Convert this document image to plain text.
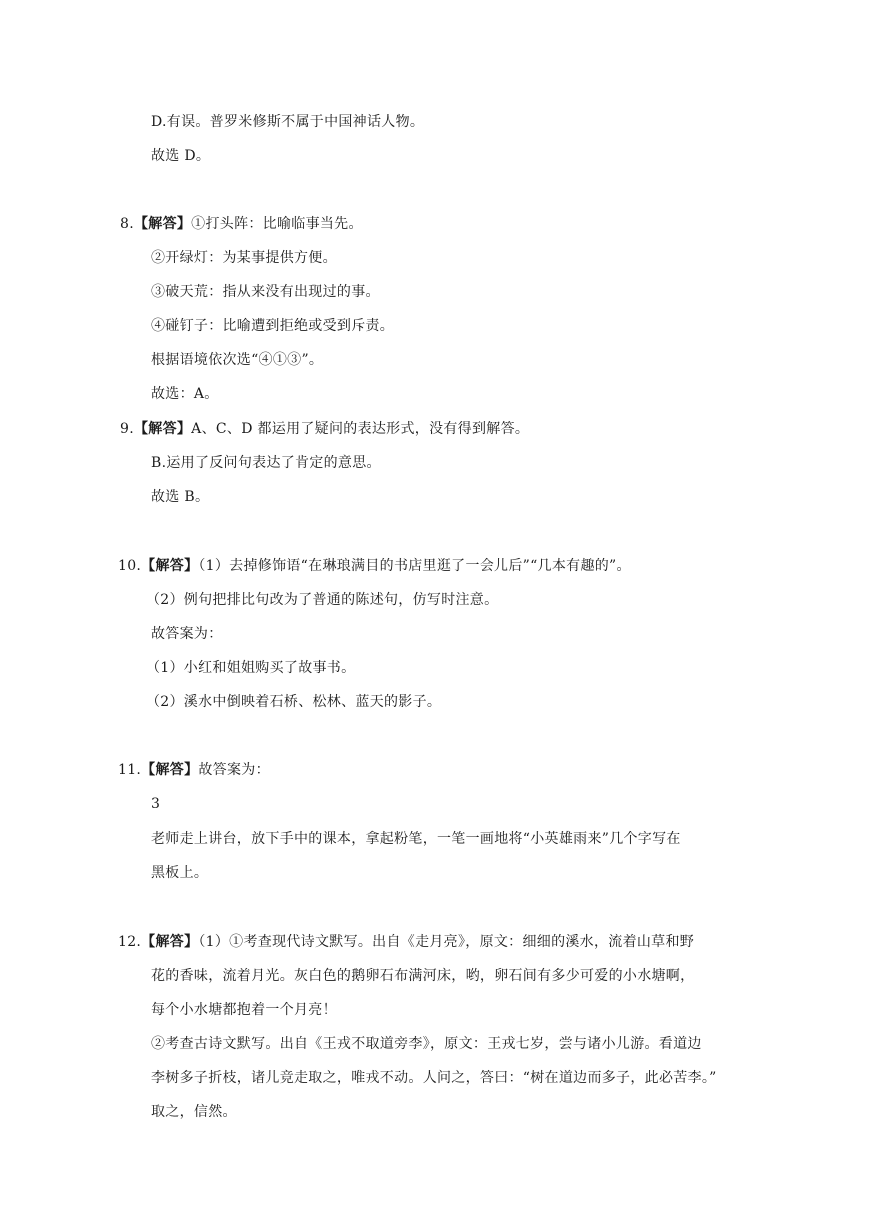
D.有误。普罗米修斯不属于中国神话人物。
故选 D。
8.【解答】①打头阵：比喻临事当先。
②开绿灯：为某事提供方便。
③破天荒：指从来没有出现过的事。
④碰钉子：比喻遭到拒绝或受到斥责。
根据语境依次选“④①③”。
故选：A。
9.【解答】A、C、D 都运用了疑问的表达形式，没有得到解答。
B.运用了反问句表达了肯定的意思。
故选 B。
10.【解答】（1）去掉修饰语“在琳琅满目的书店里逛了一会儿后”“几本有趣的”。
（2）例句把排比句改为了普通的陈述句，仿写时注意。
故答案为：
（1）小红和姐姐购买了故事书。
（2）溪水中倒映着石桥、松林、蓝天的影子。
11.【解答】故答案为：
3
老师走上讲台，放下手中的课本，拿起粉笔，一笔一画地将“小英雄雨来”几个字写在
黑板上。
12.【解答】（1）①考查现代诗文默写。出自《走月亮》，原文：细细的溪水，流着山草和野
花的香味，流着月光。灰白色的鹅卵石布满河床，哟，卵石间有多少可爱的小水塘啊，
每个小水塘都抱着一个月亮！
②考查古诗文默写。出自《王戎不取道旁李》，原文：王戎七岁，尝与诸小儿游。看道边
李树多子折枝，诸儿竞走取之，唯戎不动。人问之，答曰：“树在道边而多子，此必苦李。”
取之，信然。
